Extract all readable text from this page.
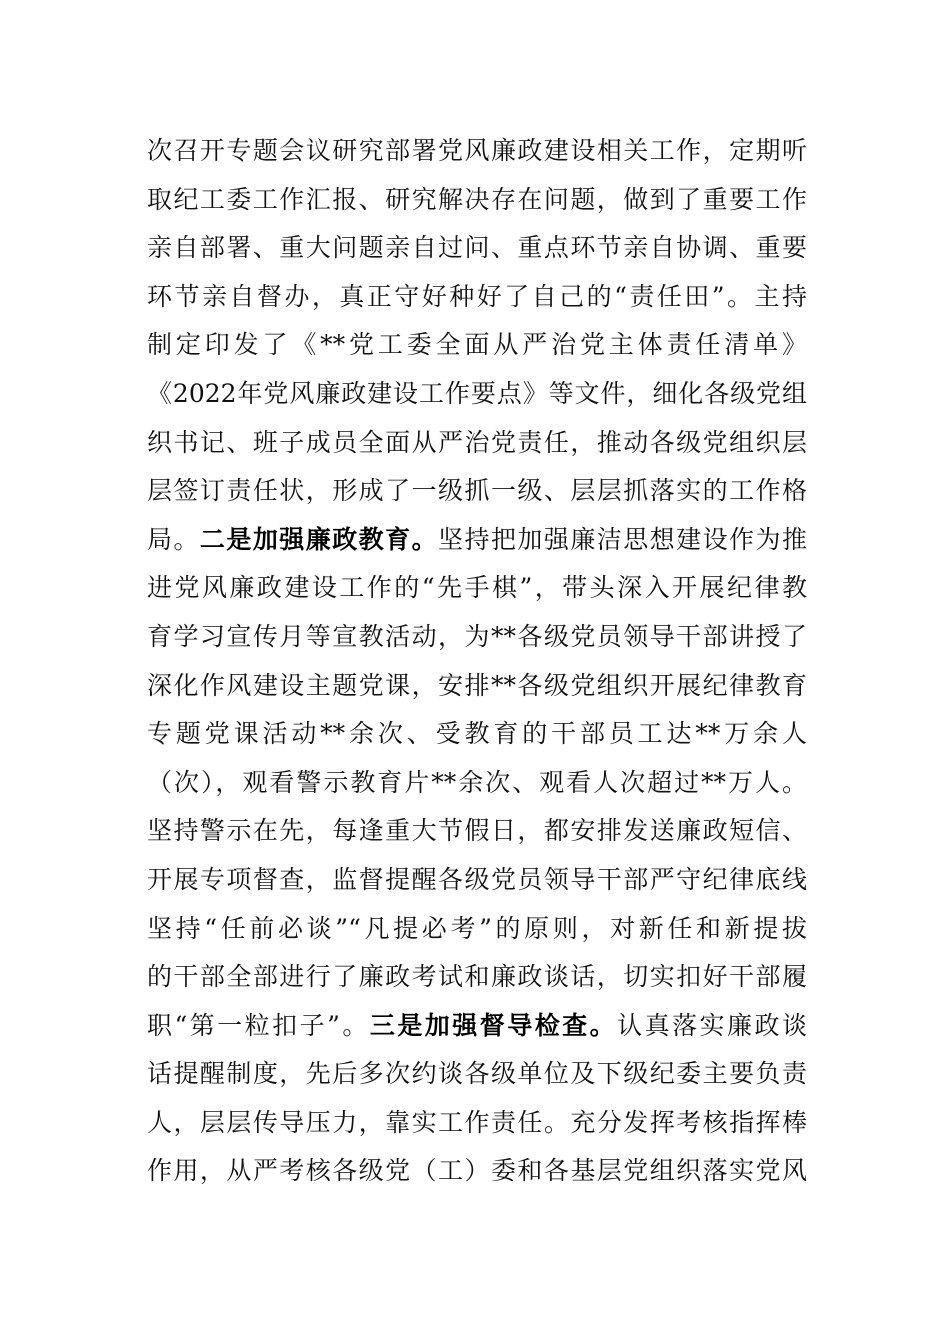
次召开专题会议研究部署党风廉政建设相关工作，定期听
取纪工委工作汇报、研究解决存在问题，做到了重要工作
亲自部署、重大问题亲自过问、重点环节亲自协调、重要
环节亲自督办，真正守好种好了自己的“责任田”。主持
制定印发了《**党工委全面从严治党主体责任清单》
《2022年党风廉政建设工作要点》等文件，细化各级党组
织书记、班子成员全面从严治党责任，推动各级党组织层
层签订责任状，形成了一级抓一级、层层抓落实的工作格
局。二是加强廉政教育。坚持把加强廉洁思想建设作为推
进党风廉政建设工作的“先手棋”，带头深入开展纪律教
育学习宣传月等宣教活动，为**各级党员领导干部讲授了
深化作风建设主题党课，安排**各级党组织开展纪律教育
专题党课活动**余次、受教育的干部员工达**万余人
（次），观看警示教育片**余次、观看人次超过**万人。
坚持警示在先，每逢重大节假日，都安排发送廉政短信、
开展专项督查，监督提醒各级党员领导干部严守纪律底线
坚持“任前必谈”“凡提必考”的原则，对新任和新提拔
的干部全部进行了廉政考试和廉政谈话，切实扣好干部履
职“第一粒扣子”。三是加强督导检查。认真落实廉政谈
话提醒制度，先后多次约谈各级单位及下级纪委主要负责
人，层层传导压力，靠实工作责任。充分发挥考核指挥棒
作用，从严考核各级党（工）委和各基层党组织落实党风
